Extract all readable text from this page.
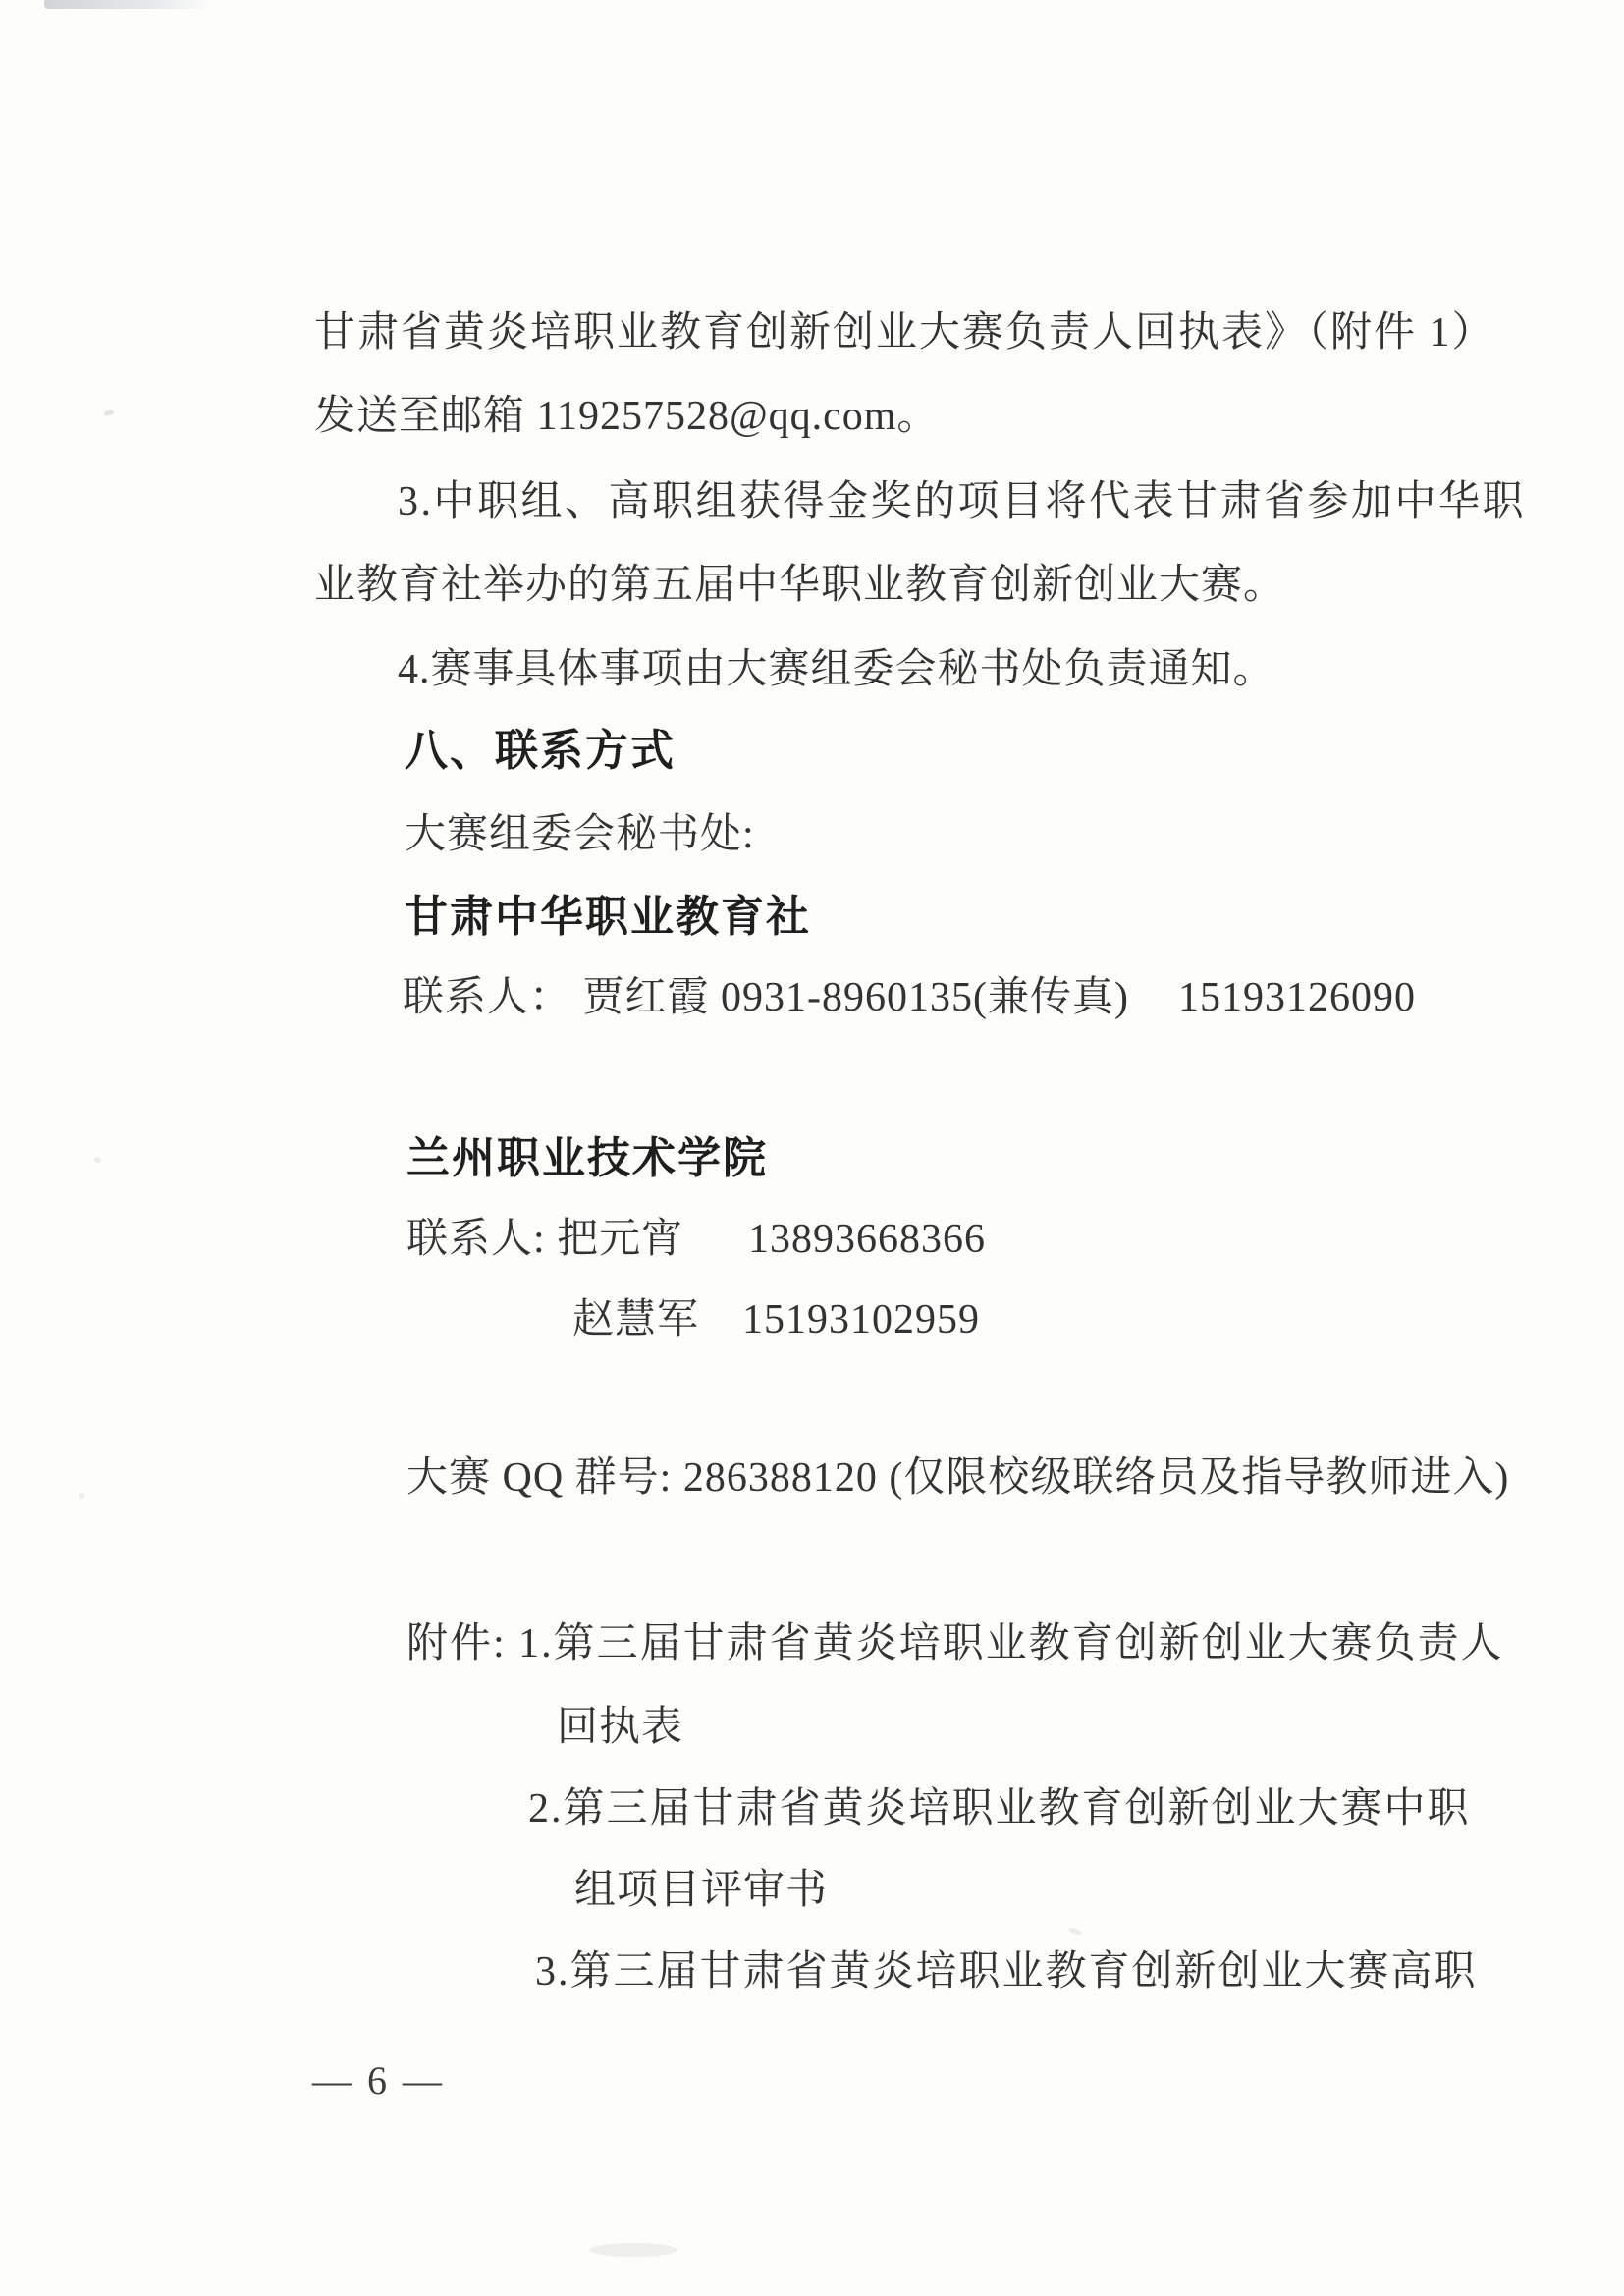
甘肃省黄炎培职业教育创新创业大赛负责人回执表》（附件 1）
发送至邮箱 119257528@qq.com。
3.中职组、高职组获得金奖的项目将代表甘肃省参加中华职
业教育社举办的第五届中华职业教育创新创业大赛。
4.赛事具体事项由大赛组委会秘书处负责通知。
八、联系方式
大赛组委会秘书处:
甘肃中华职业教育社
联系人： 贾红霞 0931-8960135(兼传真) 15193126090
兰州职业技术学院
联系人: 把元宵 13893668366
赵慧军 15193102959
大赛 QQ 群号: 286388120 (仅限校级联络员及指导教师进入)
附件: 1.第三届甘肃省黄炎培职业教育创新创业大赛负责人
回执表
2.第三届甘肃省黄炎培职业教育创新创业大赛中职
组项目评审书
3.第三届甘肃省黄炎培职业教育创新创业大赛高职
— 6 —
